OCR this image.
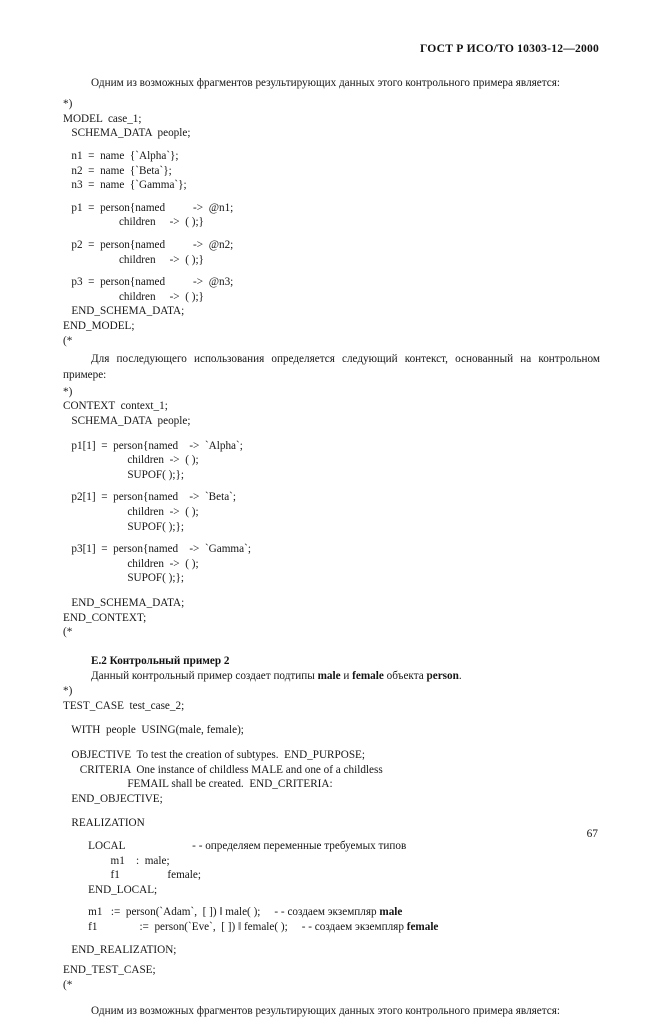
ГОСТ Р ИСО/ТО 10303-12—2000

Одним из возможных фрагментов результирующих данных этого контрольного примера является:

*)
MODEL  case_1;
SCHEMA_DATA  people;
n1  =  name  {`Alpha`};
n2  =  name  {`Beta`};
n3  =  name  {`Gamma`};
p1  =  person{named          ->  @n1;
children     ->  ( );}
p2  =  person{named          ->  @n2;
children     ->  ( );}
p3  =  person{named          ->  @n3;
children     ->  ( );}
END_SCHEMA_DATA;
END_MODEL;
(*

Для последующего использования определяется следующий контекст, основанный на контрольном примере:

*)
CONTEXT  context_1;
SCHEMA_DATA  people;
p1[1]  =  person{named    ->  `Alpha`;
children  ->  ( );
SUPOF( );};
p2[1]  =  person{named    ->  `Beta`;
children  ->  ( );
SUPOF( );};
p3[1]  =  person{named    ->  `Gamma`;
children  ->  ( );
SUPOF( );};
END_SCHEMA_DATA;
END_CONTEXT;
(*

E.2 Контрольный пример 2

Данный контрольный пример создает подтипы male и female объекта person.

*)
TEST_CASE  test_case_2;
WITH  people  USING(male, female);
OBJECTIVE  To test the creation of subtypes.  END_PURPOSE;
CRITERIA  One instance of childless MALE and one of a childless
FEMAIL shall be created.  END_CRITERIA:
END_OBJECTIVE;
REALIZATION
LOCAL                        - - определяем переменные требуемых типов
m1    :  male;
f1                 female;
END_LOCAL;
m1   :=  person(`Adam`,  [ ]) ‖ male( );     - - создаем экземпляр male
f1               :=  person(`Eve`,  [ ]) ‖ female( );     - - создаем экземпляр female
END_REALIZATION;
END_TEST_CASE;
(*

Одним из возможных фрагментов результирующих данных этого контрольного примера является:

67
